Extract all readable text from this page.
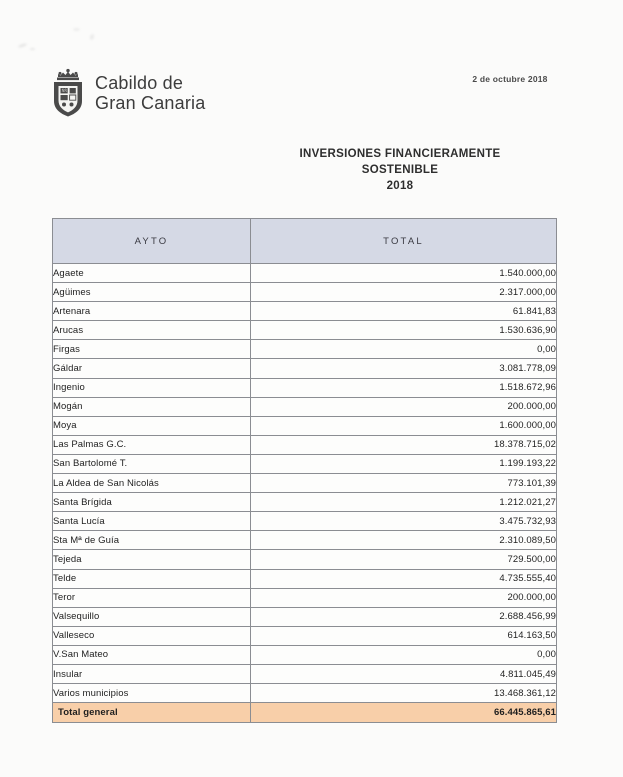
ÑÑ Cabildo de
Gran Canaria
2 de octubre 2018
INVERSIONES FINANCIERAMENTE
SOSTENIBLE
2018
AYTO	TOTAL
Agaete	1.540.000,00
Agüimes	2.317.000,00
Artenara	61.841,83
Arucas	1.530.636,90
Firgas	0,00
Gáldar	3.081.778,09
Ingenio	1.518.672,96
Mogán	200.000,00
Moya	1.600.000,00
Las Palmas G.C.	18.378.715,02
San Bartolomé T.	1.199.193,22
La Aldea de San Nicolás	773.101,39
Santa Brígida	1.212.021,27
Santa Lucía	3.475.732,93
Sta Mª de Guía	2.310.089,50
Tejeda	729.500,00
Telde	4.735.555,40
Teror	200.000,00
Valsequillo	2.688.456,99
Valleseco	614.163,50
V.San Mateo	0,00
Insular	4.811.045,49
Varios municipios	13.468.361,12
Total general	66.445.865,61
